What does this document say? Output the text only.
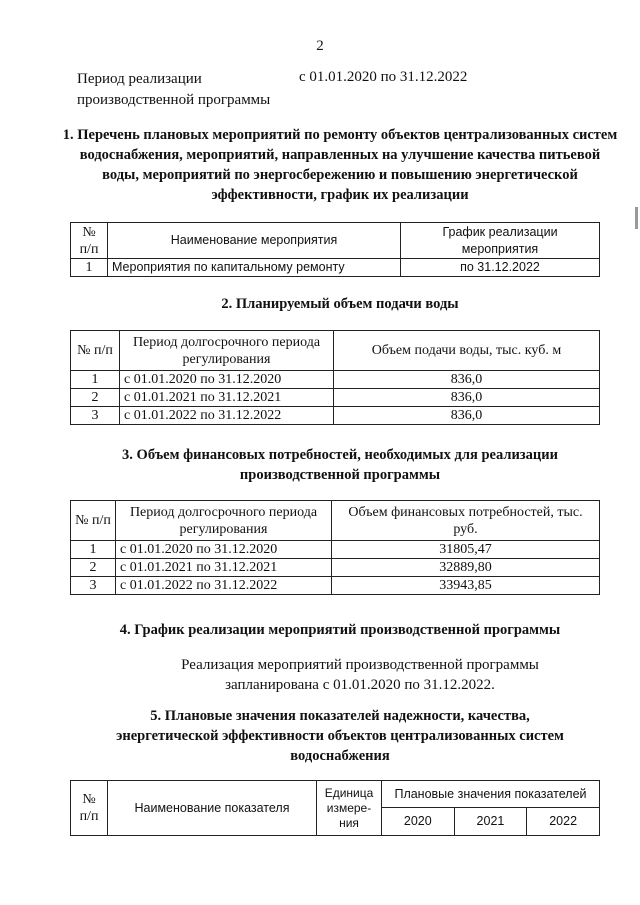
2
Период реализации производственной программы
с 01.01.2020 по 31.12.2022
1. Перечень плановых мероприятий по ремонту объектов централизованных систем водоснабжения, мероприятий, направленных на улучшение качества питьевой воды, мероприятий по энергосбережению и повышению энергетической эффективности, график их реализации
№ п/п	Наименование мероприятия	График реализации мероприятия
1	Мероприятия по капитальному ремонту	по 31.12.2022
2. Планируемый объем подачи воды
№ п/п	Период долгосрочного периода регулирования	Объем подачи воды, тыс. куб. м
1	с 01.01.2020 по 31.12.2020	836,0
2	с 01.01.2021 по 31.12.2021	836,0
3	с 01.01.2022 по 31.12.2022	836,0
3. Объем финансовых потребностей, необходимых для реализации производственной программы
№ п/п	Период долгосрочного периода регулирования	Объем финансовых потребностей, тыс. руб.
1	с 01.01.2020 по 31.12.2020	31805,47
2	с 01.01.2021 по 31.12.2021	32889,80
3	с 01.01.2022 по 31.12.2022	33943,85
4. График реализации мероприятий производственной программы
Реализация мероприятий производственной программы запланирована с 01.01.2020 по 31.12.2022.
5. Плановые значения показателей надежности, качества, энергетической эффективности объектов централизованных систем водоснабжения
№ п/п	Наименование показателя	Единица измере-ния	Плановые значения показателей		
			2020	2021	2022
